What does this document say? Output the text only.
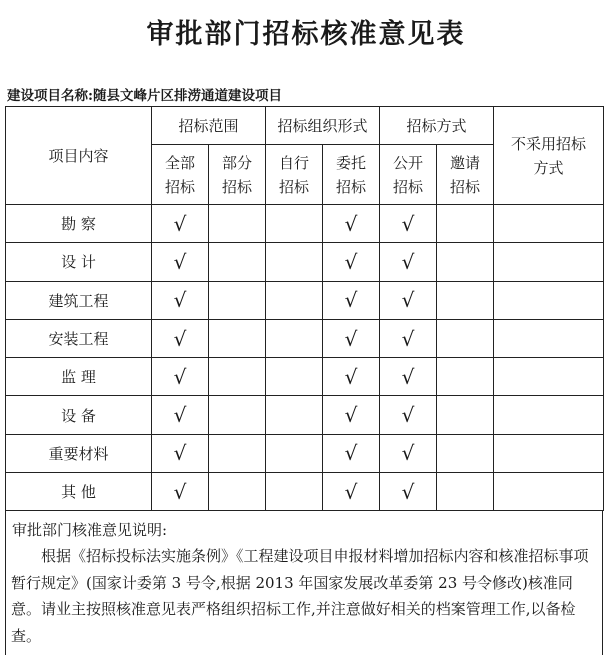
审批部门招标核准意见表
建设项目名称:随县文峰片区排涝通道建设项目
项目内容	招标范围		招标组织形式		招标方式		不采用招标方式
	全部招标	部分招标	自行招标	委托招标	公开招标	邀请招标	
勘 察	√			√	√		
设 计	√			√	√		
建筑工程	√			√	√		
安装工程	√			√	√		
监 理	√			√	√		
设 备	√			√	√		
重要材料	√			√	√		
其 他	√			√	√		
审批部门核准意见说明:
根据《招标投标法实施条例》《工程建设项目申报材料增加招标内容和核准招标事项暂行规定》(国家计委第 3 号令,根据 2013 年国家发展改革委第 23 号令修改)核准同意。请业主按照核准意见表严格组织招标工作,并注意做好相关的档案管理工作,以备检查。
